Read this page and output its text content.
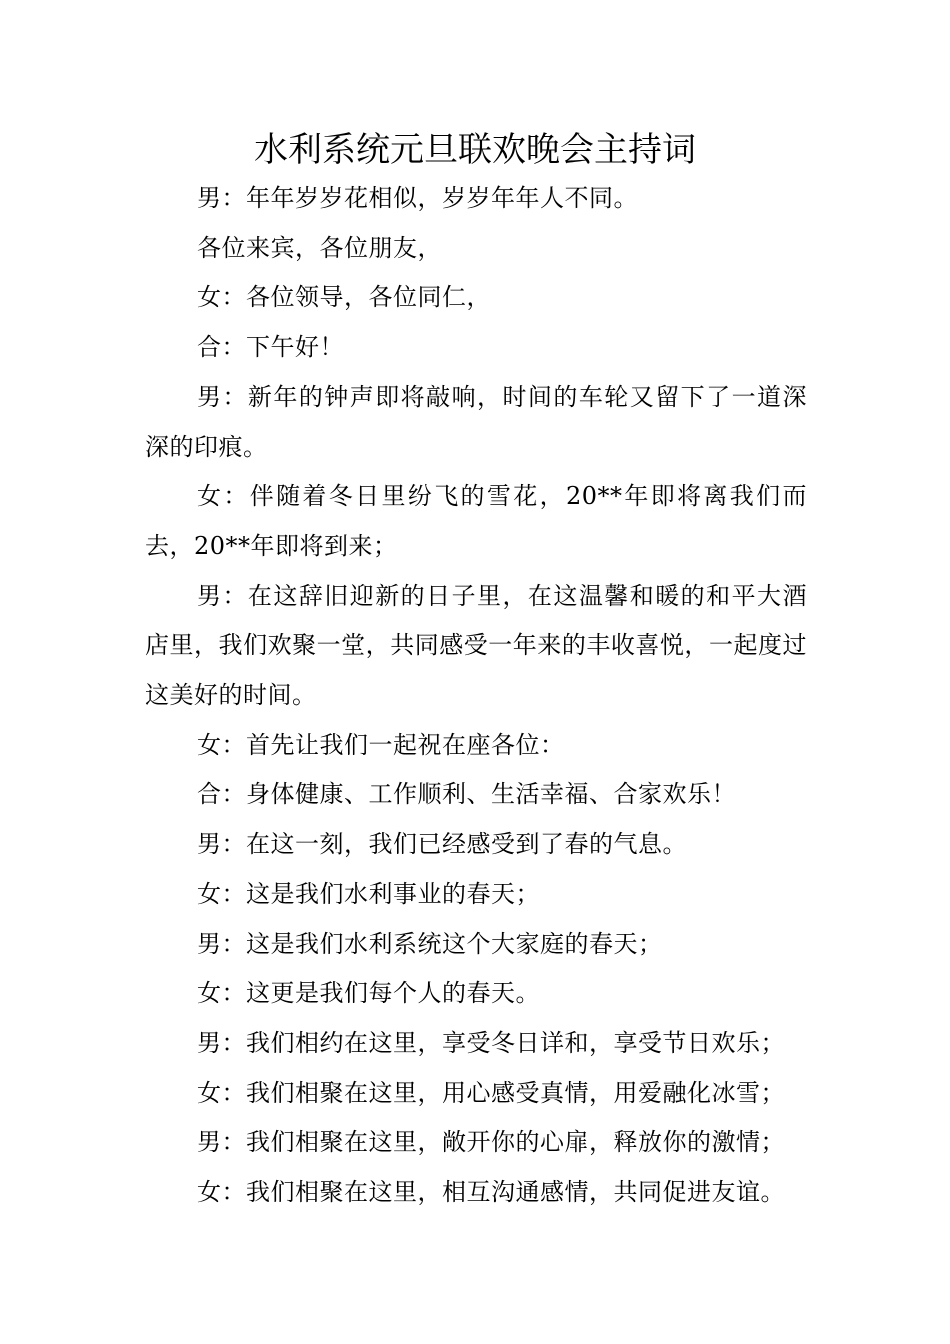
水利系统元旦联欢晚会主持词

男：年年岁岁花相似，岁岁年年人不同。

各位来宾，各位朋友，

女：各位领导，各位同仁，

合：下午好！

男：新年的钟声即将敲响，时间的车轮又留下了一道深深的印痕。

女：伴随着冬日里纷飞的雪花，20**年即将离我们而去，20**年即将到来；

男：在这辞旧迎新的日子里，在这温馨和暖的和平大酒店里，我们欢聚一堂，共同感受一年来的丰收喜悦，一起度过这美好的时间。

女：首先让我们一起祝在座各位：

合：身体健康、工作顺利、生活幸福、合家欢乐！

男：在这一刻，我们已经感受到了春的气息。

女：这是我们水利事业的春天；

男：这是我们水利系统这个大家庭的春天；

女：这更是我们每个人的春天。

男：我们相约在这里，享受冬日详和，享受节日欢乐；

女：我们相聚在这里，用心感受真情，用爱融化冰雪；

男：我们相聚在这里，敞开你的心扉，释放你的激情；

女：我们相聚在这里，相互沟通感情，共同促进友谊。
